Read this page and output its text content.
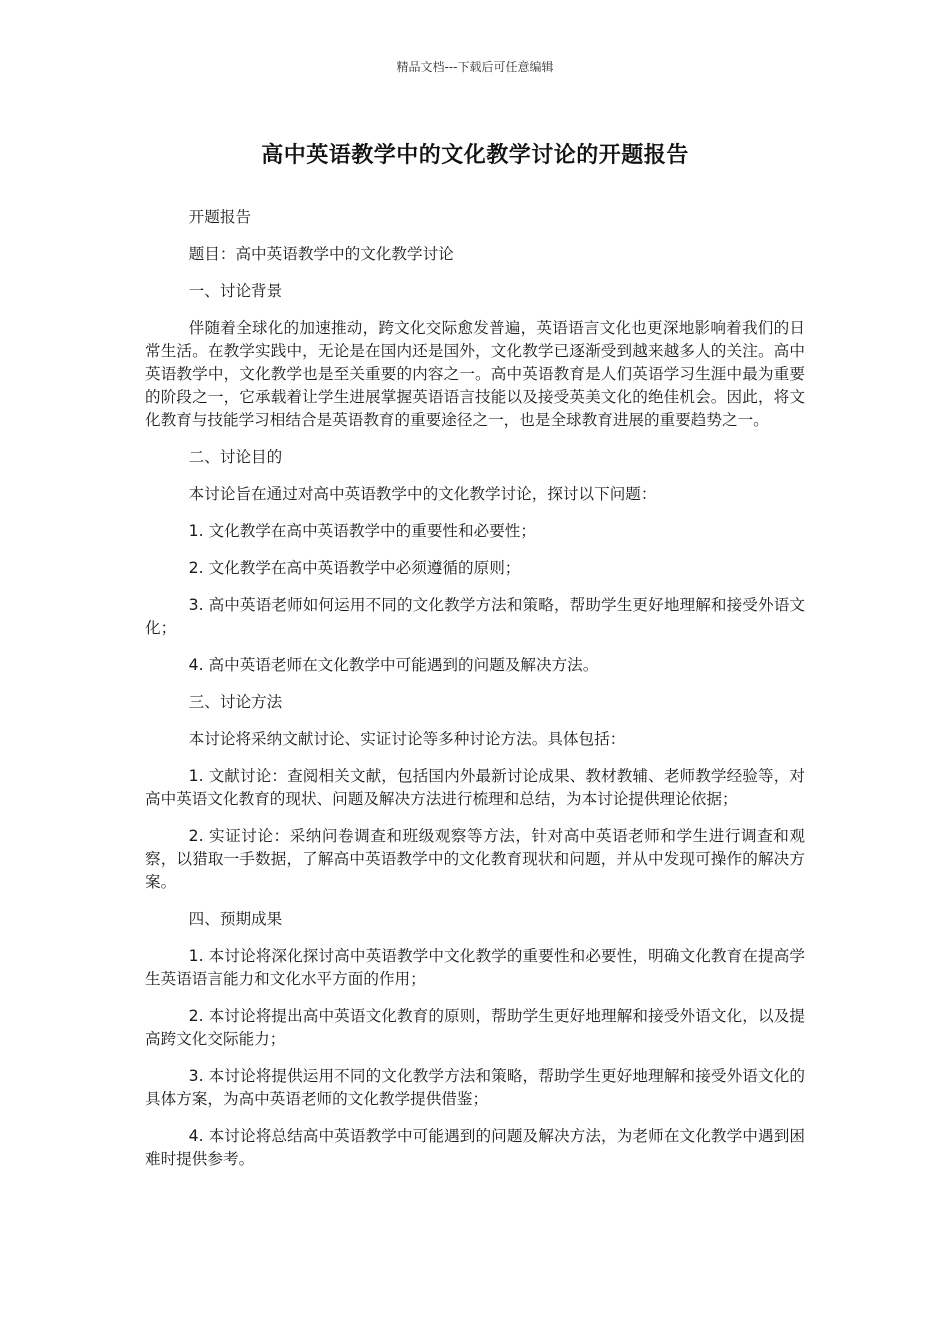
精品文档---下载后可任意编辑
高中英语教学中的文化教学讨论的开题报告

开题报告

题目：高中英语教学中的文化教学讨论

一、讨论背景

伴随着全球化的加速推动，跨文化交际愈发普遍，英语语言文化也更深地影响着我们的日常生活。在教学实践中，无论是在国内还是国外，文化教学已逐渐受到越来越多人的关注。高中英语教学中，文化教学也是至关重要的内容之一。高中英语教育是人们英语学习生涯中最为重要的阶段之一，它承载着让学生进展掌握英语语言技能以及接受英美文化的绝佳机会。因此，将文化教育与技能学习相结合是英语教育的重要途径之一，也是全球教育进展的重要趋势之一。

二、讨论目的

本讨论旨在通过对高中英语教学中的文化教学讨论，探讨以下问题：

1. 文化教学在高中英语教学中的重要性和必要性；

2. 文化教学在高中英语教学中必须遵循的原则；

3. 高中英语老师如何运用不同的文化教学方法和策略，帮助学生更好地理解和接受外语文化；

4. 高中英语老师在文化教学中可能遇到的问题及解决方法。

三、讨论方法

本讨论将采纳文献讨论、实证讨论等多种讨论方法。具体包括：

1. 文献讨论：查阅相关文献，包括国内外最新讨论成果、教材教辅、老师教学经验等，对高中英语文化教育的现状、问题及解决方法进行梳理和总结，为本讨论提供理论依据；

2. 实证讨论：采纳问卷调查和班级观察等方法，针对高中英语老师和学生进行调查和观察，以猎取一手数据，了解高中英语教学中的文化教育现状和问题，并从中发现可操作的解决方案。

四、预期成果

1. 本讨论将深化探讨高中英语教学中文化教学的重要性和必要性，明确文化教育在提高学生英语语言能力和文化水平方面的作用；

2. 本讨论将提出高中英语文化教育的原则，帮助学生更好地理解和接受外语文化，以及提高跨文化交际能力；

3. 本讨论将提供运用不同的文化教学方法和策略，帮助学生更好地理解和接受外语文化的具体方案，为高中英语老师的文化教学提供借鉴；

4. 本讨论将总结高中英语教学中可能遇到的问题及解决方法，为老师在文化教学中遇到困难时提供参考。
